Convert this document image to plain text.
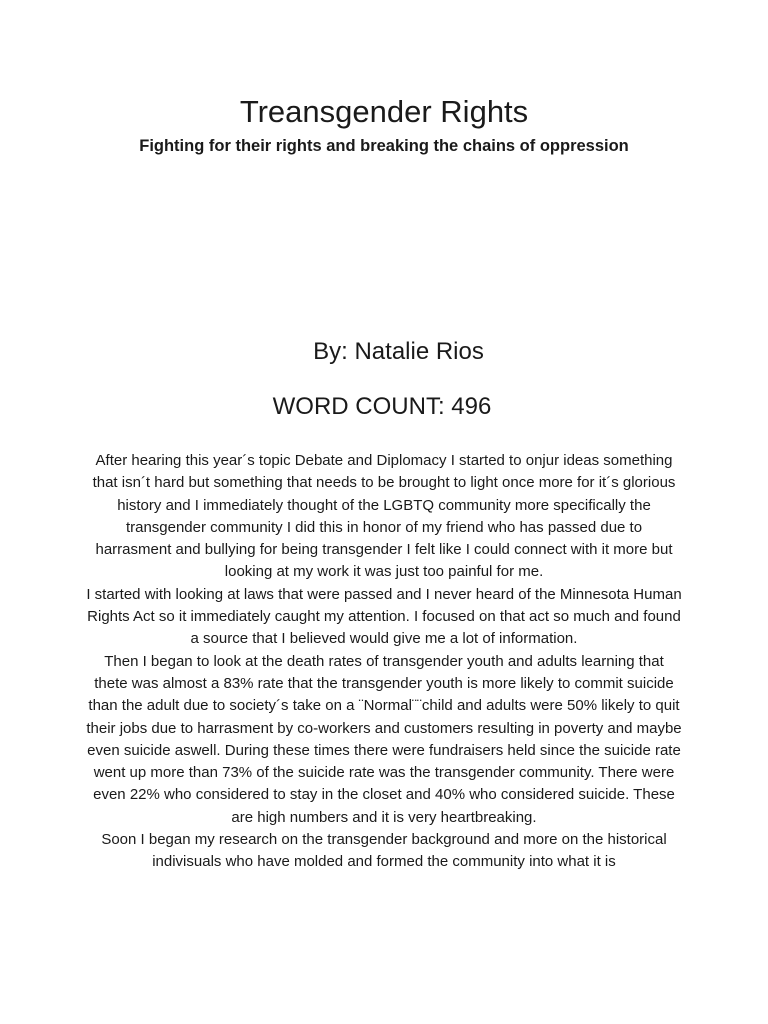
Treansgender Rights
Fighting for their rights and breaking the chains of oppression
By: Natalie Rios
WORD COUNT: 496

After hearing this year´s topic Debate and Diplomacy I started to onjur ideas something that isn´t hard but something that needs to be brought to light once more for it´s glorious history and I immediately thought of the LGBTQ community more specifically the transgender community I did this in honor of my friend who has passed due to harrasment and bullying for being transgender I felt like I could connect with it more but looking at my work it was just too painful for me.

I started with looking at laws that were passed and I never heard of the Minnesota Human Rights Act so it immediately caught my attention. I focused on that act so much and found a source that I believed would give me a lot of information.

Then I began to look at the death rates of transgender youth and adults learning that thete was almost a 83% rate that the transgender youth is more likely to commit suicide than the adult due to society´s take on a ¨Normal¨¨child and adults were 50% likely to quit their jobs due to harrasment by co-workers and customers resulting in poverty and maybe even suicide aswell. During these times there were fundraisers held since the suicide rate went up more than 73% of the suicide rate was the transgender community. There were even 22% who considered to stay in the closet and 40% who considered suicide. These are high numbers and it is very heartbreaking.

Soon I began my research on the transgender background and more on the historical indivisuals who have molded and formed the community into what it is
